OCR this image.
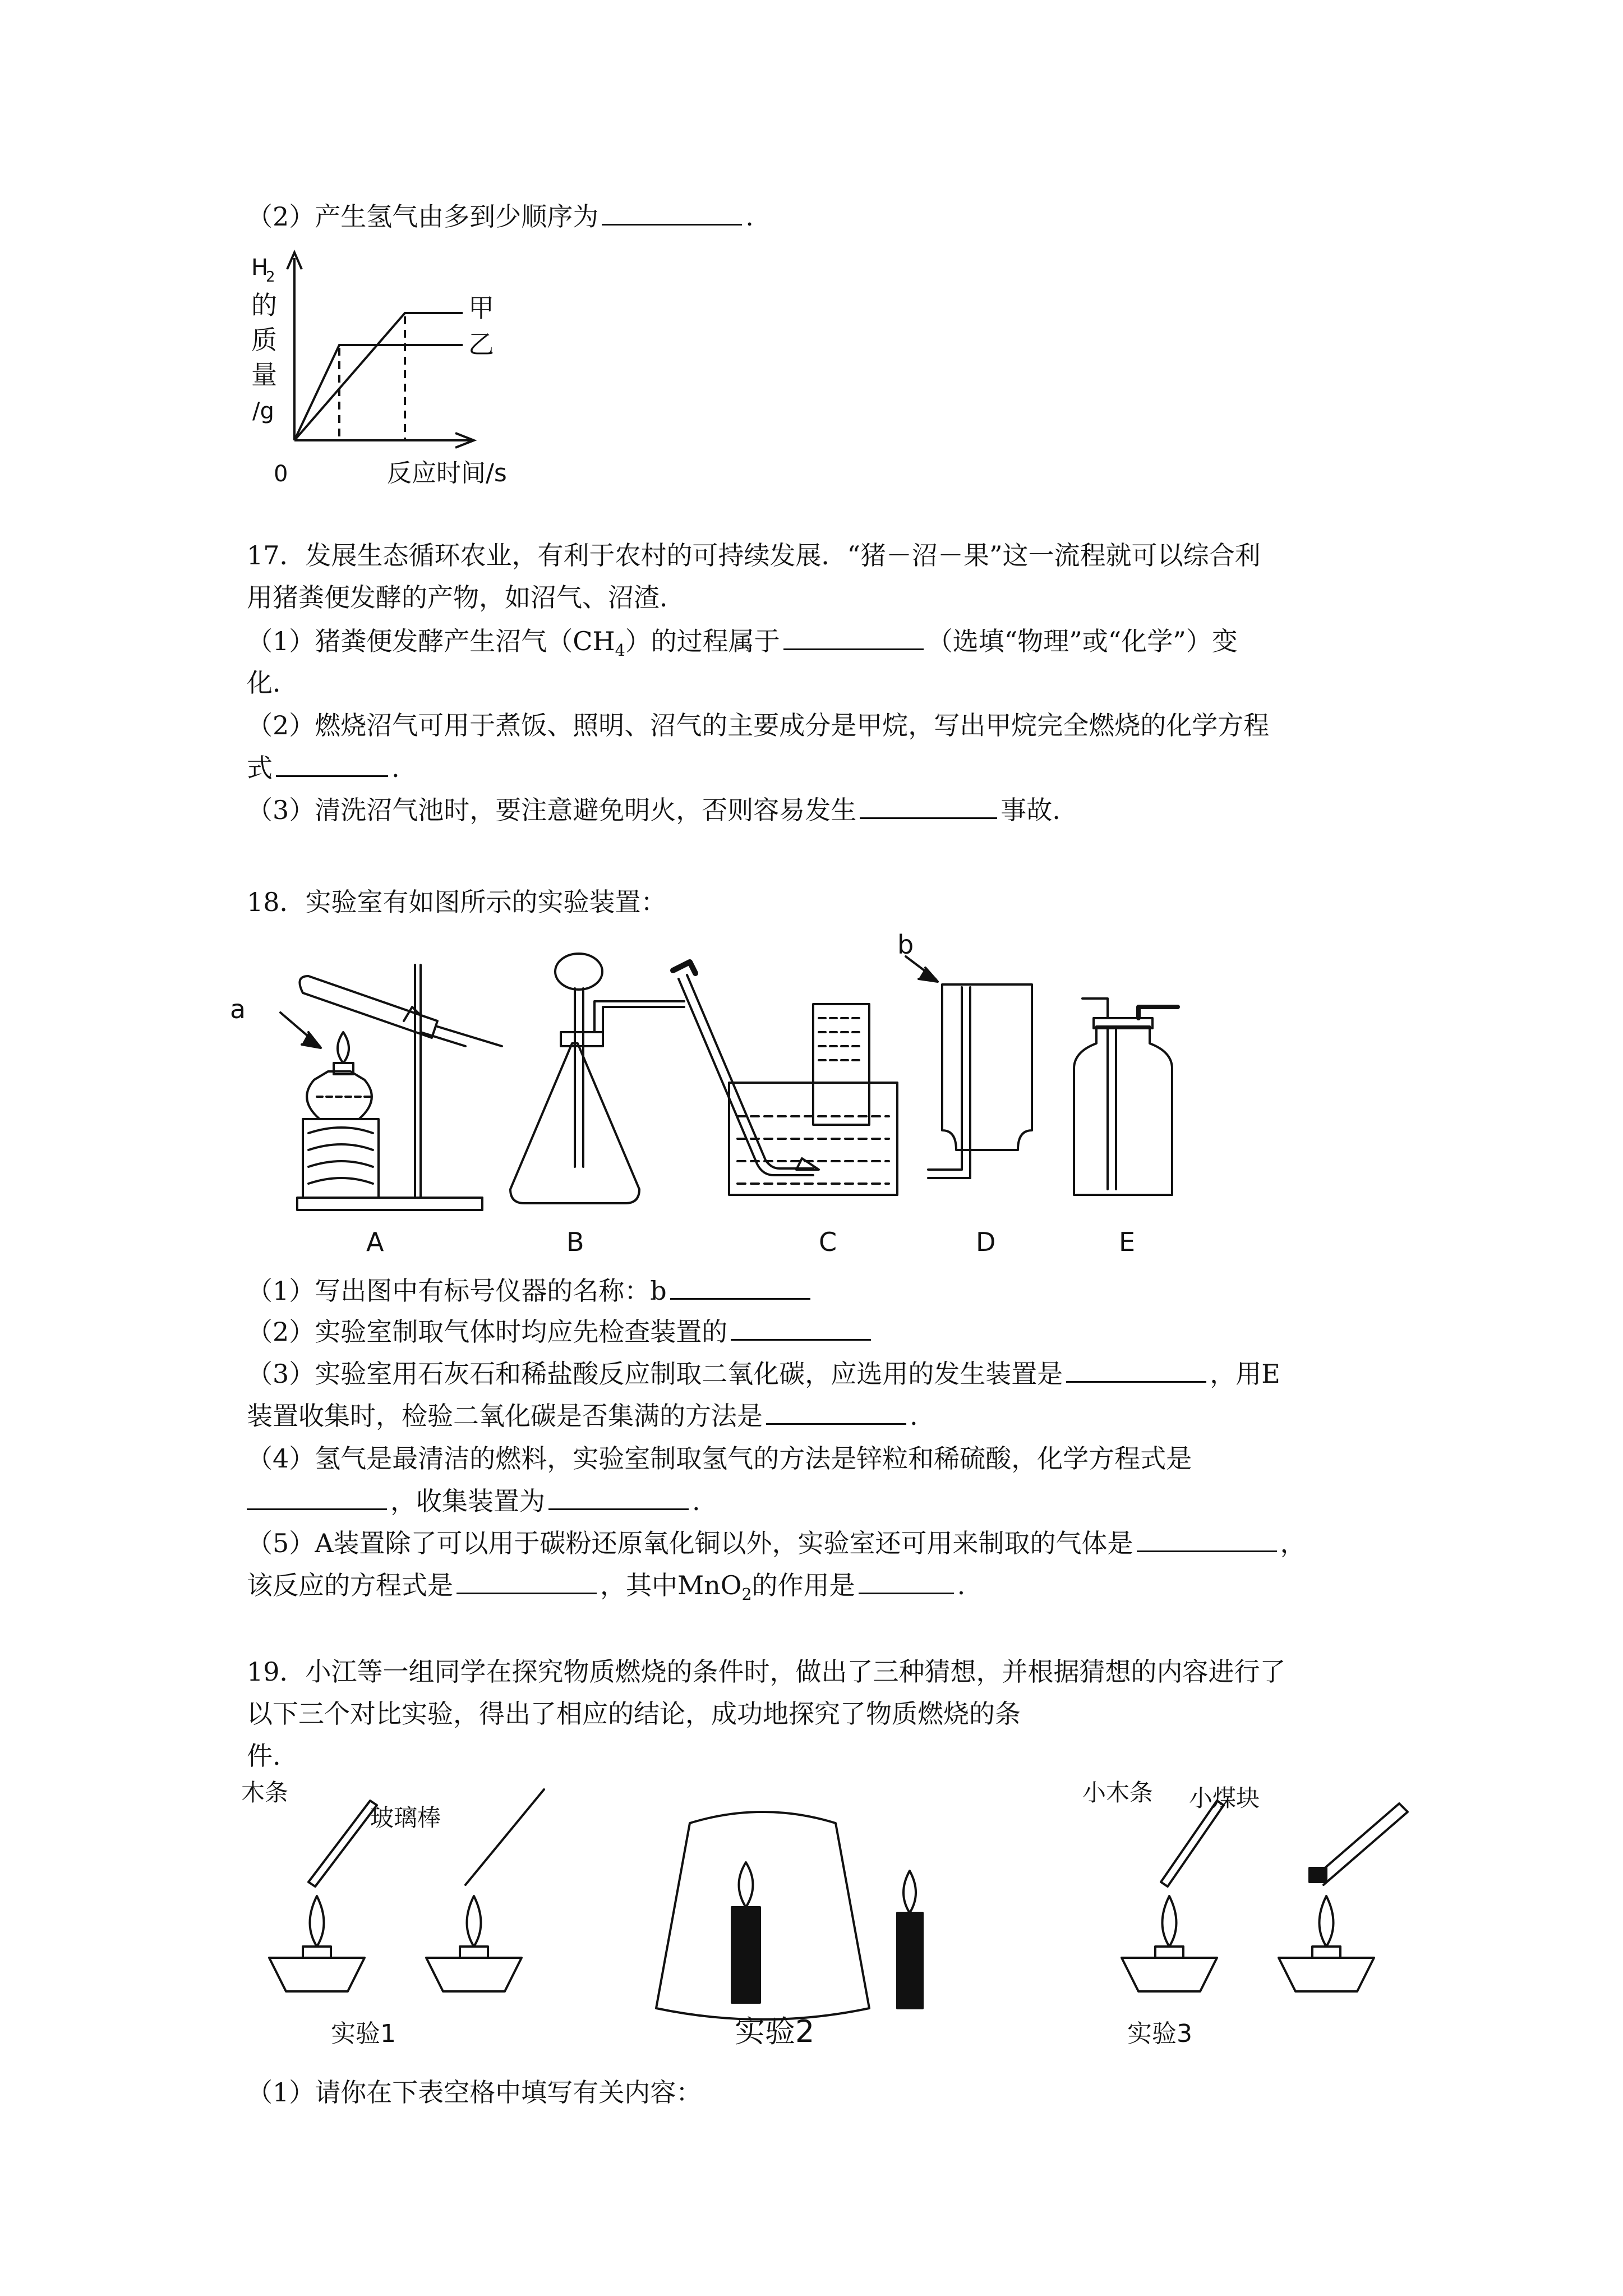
（2）产生氢气由多到少顺序为	.
H
2
的
质
量
/g
0	反应时间/s
甲
乙
17．发展生态循环农业，有利于农村的可持续发展．“猪－沼－果”这一流程就可以综合利
用猪粪便发酵的产物，如沼气、沼渣．
（1）猪粪便发酵产生沼气$(CH_4)$的过程属于	（选填“物理”或“化学”）变
化．
（2）燃烧沼气可用于煮饭、照明、沼气的主要成分是甲烷，写出甲烷完全燃烧的化学方程
式	.
（3）清洗沼气池时，要注意避免明火，否则容易发生	事故.
18．实验室有如图所示的实验装置：
a
b
A	B	C	D	E
（1）写出图中有标号仪器的名称：b
（2）实验室制取气体时均应先检查装置的
（3）实验室用石灰石和稀盐酸反应制取二氧化碳，应选用的发生装置是	，用E
装置收集时，检验二氧化碳是否集满的方法是	.
（4）氢气是最清洁的燃料，实验室制取氢气的方法是锌粒和稀硫酸，化学方程式是
，收集装置为	.
（5）A装置除了可以用于碳粉还原氧化铜以外，实验室还可用来制取的气体是	，
该反应的方程式是	，其中MnO$_2$的作用是	.
19．小江等一组同学在探究物质燃烧的条件时，做出了三种猜想，并根据猜想的内容进行了
以下三个对比实验，得出了相应的结论，成功地探究了物质燃烧的条
件.
木条
玻璃棒
实验1	实验2
小木条 小煤块
实验3
（1）请你在下表空格中填写有关内容：
